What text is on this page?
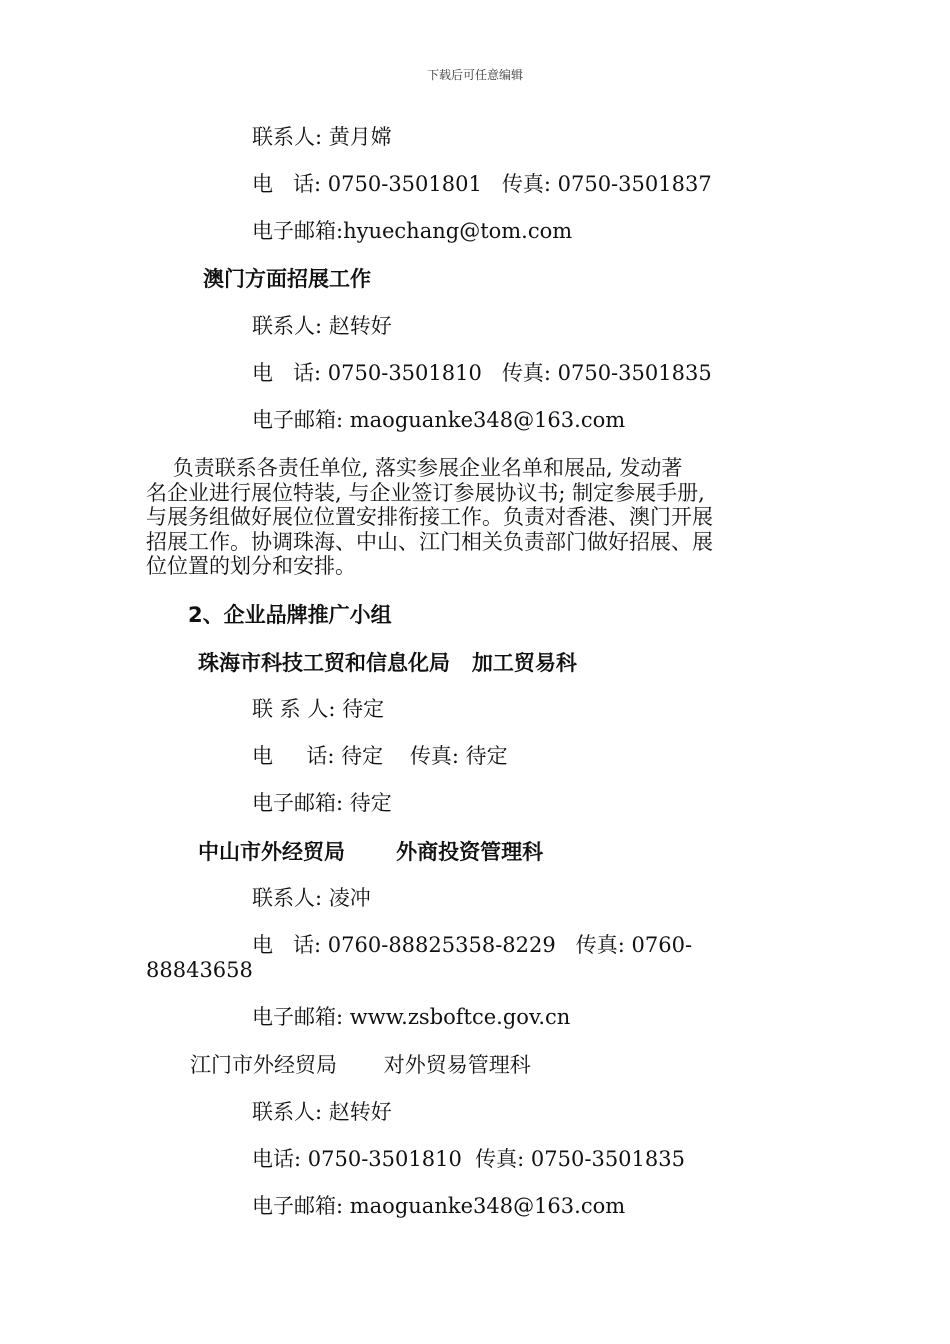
下载后可任意编辑
联系人: 黄月嫦
电   话: 0750-3501801   传真: 0750-3501837
电子邮箱:hyuechang@tom.com
澳门方面招展工作
联系人: 赵转好
电   话: 0750-3501810   传真: 0750-3501835
电子邮箱: maoguanke348@163.com
负责联系各责任单位, 落实参展企业名单和展品, 发动著
名企业进行展位特装, 与企业签订参展协议书; 制定参展手册,
与展务组做好展位位置安排衔接工作。负责对香港、澳门开展
招展工作。协调珠海、中山、江门相关负责部门做好招展、展
位位置的划分和安排。
2、企业品牌推广小组
珠海市科技工贸和信息化局   加工贸易科
联 系 人: 待定
电     话: 待定    传真: 待定
电子邮箱: 待定
中山市外经贸局       外商投资管理科
联系人: 凌冲
电   话: 0760-88825358-8229   传真: 0760-
88843658
电子邮箱: www.zsboftce.gov.cn
江门市外经贸局       对外贸易管理科
联系人: 赵转好
电话: 0750-3501810  传真: 0750-3501835
电子邮箱: maoguanke348@163.com
